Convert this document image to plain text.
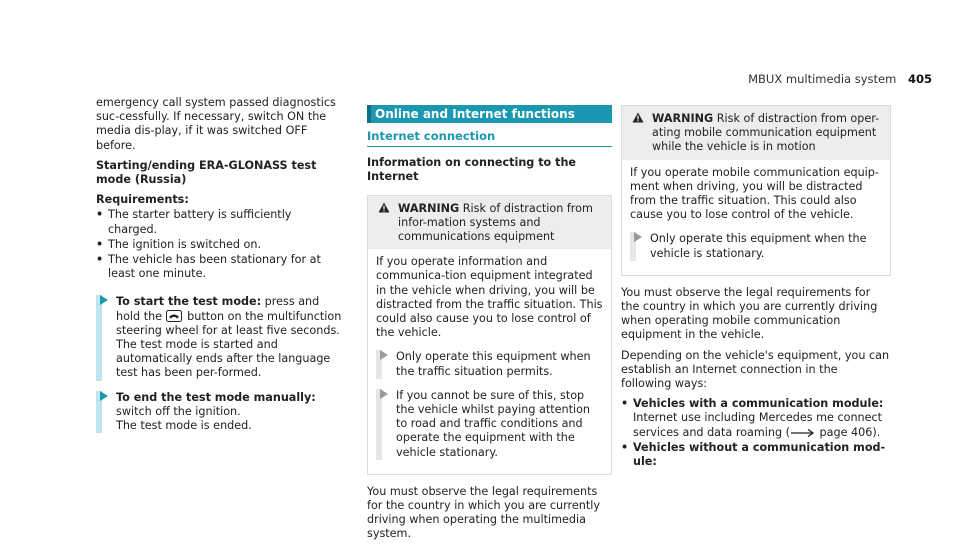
MBUX multimedia system 405

emergency call system passed diagnostics suc-cessfully. If necessary, switch ON the media dis-play, if it was switched OFF before.

Starting/ending ERA-GLONASS test mode (Russia)

Requirements:

• The starter battery is sufficiently charged.
• The ignition is switched on.
• The vehicle has been stationary for at least one minute.

To start the test mode: press and hold the  button on the multifunction steering wheel for at least five seconds.

The test mode is started and automatically ends after the language test has been per-formed.

To end the test mode manually: switch off the ignition.

The test mode is ended.

Online and Internet functions
Internet connection

Information on connecting to the Internet

WARNING Risk of distraction from infor-mation systems and communications equipment

If you operate information and communica-tion equipment integrated in the vehicle when driving, you will be distracted from the traffic situation. This could also cause you to lose control of the vehicle.

Only operate this equipment when the traffic situation permits.

If you cannot be sure of this, stop the vehicle whilst paying attention to road and traffic conditions and operate the equipment with the vehicle stationary.

You must observe the legal requirements for the country in which you are currently driving when operating the multimedia system.

WARNING Risk of distraction from oper-ating mobile communication equipment while the vehicle is in motion

If you operate mobile communication equip-ment when driving, you will be distracted from the traffic situation. This could also cause you to lose control of the vehicle.

Only operate this equipment when the vehicle is stationary.

You must observe the legal requirements for the country in which you are currently driving when operating mobile communication equipment in the vehicle.

Depending on the vehicle's equipment, you can establish an Internet connection in the following ways:

• Vehicles with a communication module:
Internet use including Mercedes me connect services and data roaming ( page 406).
• Vehicles without a communication mod-ule:
